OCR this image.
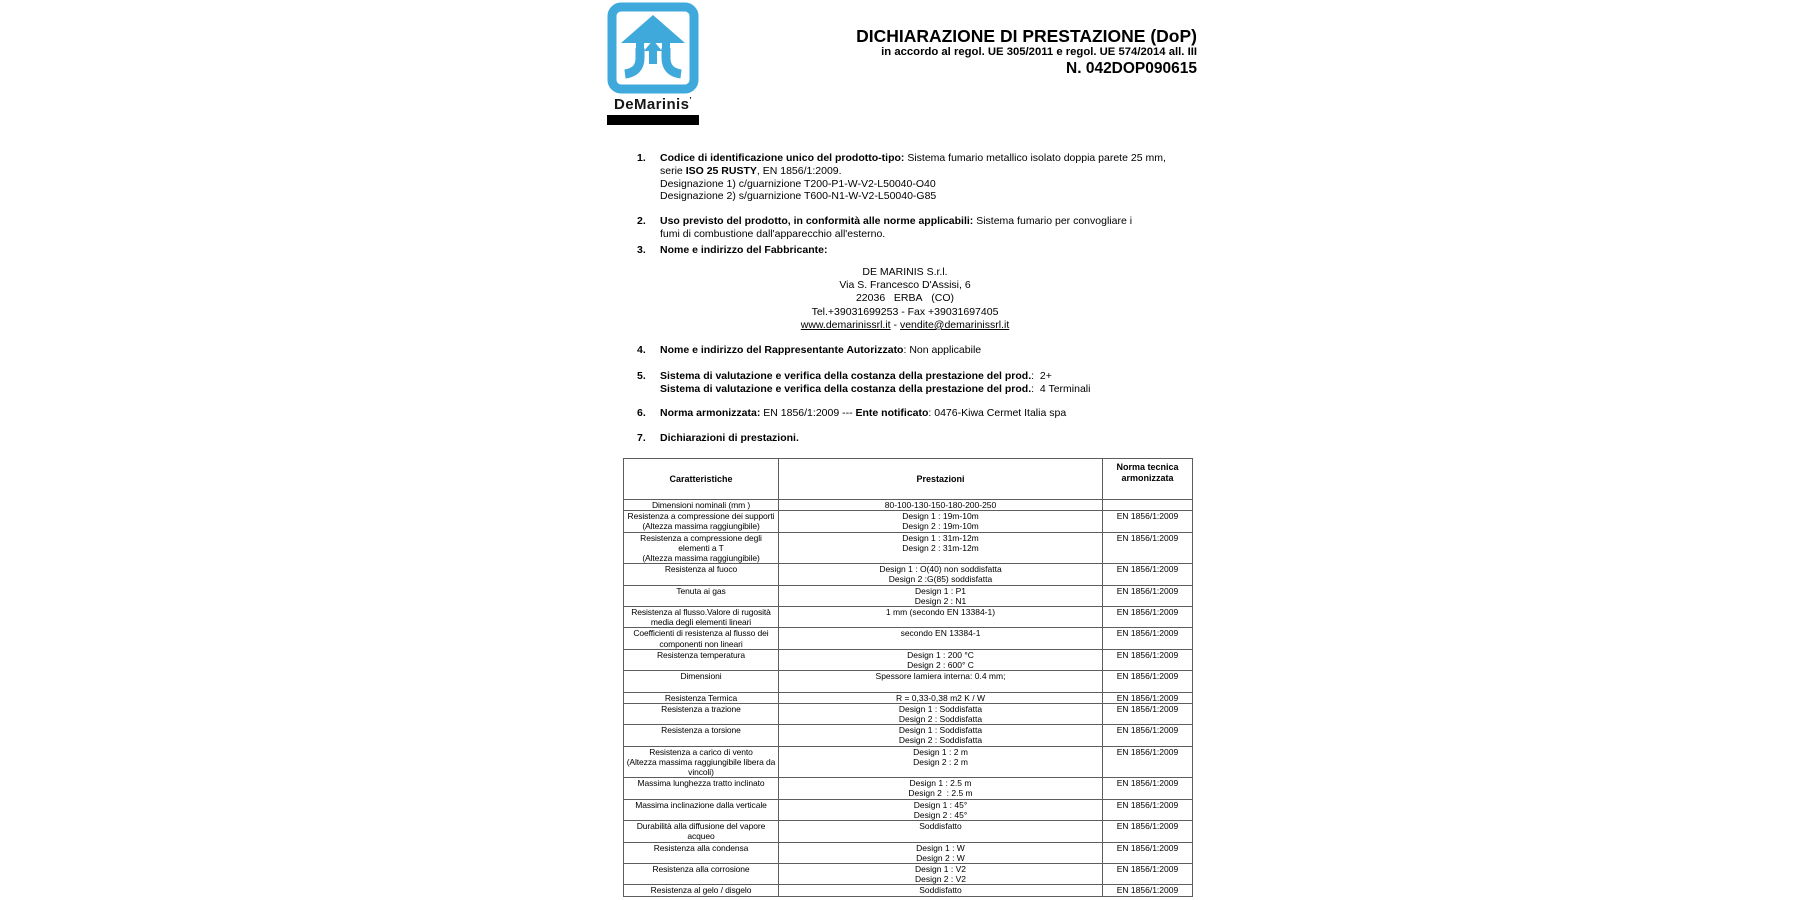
DeMarinis’
DICHIARAZIONE DI PRESTAZIONE (DoP)
in accordo al regol. UE 305/2011 e regol. UE 574/2014 all. III
N. 042DOP090615
1. Codice di identificazione unico del prodotto-tipo: Sistema fumario metallico isolato doppia parete 25 mm,
serie ISO 25 RUSTY, EN 1856/1:2009.
Designazione 1) c/guarnizione T200-P1-W-V2-L50040-O40
Designazione 2) s/guarnizione T600-N1-W-V2-L50040-G85
2. Uso previsto del prodotto, in conformità alle norme applicabili: Sistema fumario per convogliare i
fumi di combustione dall'apparecchio all'esterno.
3. Nome e indirizzo del Fabbricante:
DE MARINIS S.r.l.
Via S. Francesco D'Assisi, 6
22036   ERBA   (CO)
Tel.+39031699253 - Fax +39031697405
www.demarinissrl.it - vendite@demarinissrl.it
4. Nome e indirizzo del Rappresentante Autorizzato: Non applicabile
5. Sistema di valutazione e verifica della costanza della prestazione del prod.:  2+
Sistema di valutazione e verifica della costanza della prestazione del prod.:  4 Terminali
6. Norma armonizzata: EN 1856/1:2009 --- Ente notificato: 0476-Kiwa Cermet Italia spa
7. Dichiarazioni di prestazioni.
Caratteristiche	Prestazioni	Norma tecnica armonizzata
Dimensioni nominali (mm )	80-100-130-150-180-200-250	
Resistenza a compressione dei supporti
(Altezza massima raggiungibile)	Design 1 : 19m-10m
Design 2 : 19m-10m	EN 1856/1:2009
Resistenza a compressione degli
elementi a T
(Altezza massima raggiungibile)	Design 1 : 31m-12m
Design 2 : 31m-12m	EN 1856/1:2009
Resistenza al fuoco	Design 1 : O(40) non soddisfatta
Design 2 :G(85) soddisfatta	EN 1856/1:2009
Tenuta ai gas	Design 1 : P1
Design 2 : N1	EN 1856/1:2009
Resistenza al flusso.Valore di rugosità
media degli elementi lineari	1 mm (secondo EN 13384-1)	EN 1856/1:2009
Coefficienti di resistenza al flusso dei
componenti non lineari	secondo EN 13384-1	EN 1856/1:2009
Resistenza temperatura	Design 1 : 200 °C
Design 2 : 600° C	EN 1856/1:2009
Dimensioni	Spessore lamiera interna: 0.4 mm;	EN 1856/1:2009
Resistenza Termica	R = 0,33-0,38 m2 K / W	EN 1856/1:2009
Resistenza a trazione	Design 1 : Soddisfatta
Design 2 : Soddisfatta	EN 1856/1:2009
Resistenza a torsione	Design 1 : Soddisfatta
Design 2 : Soddisfatta	EN 1856/1:2009
Resistenza a carico di vento
(Altezza massima raggiungibile libera da
vincoli)	Design 1 : 2 m
Design 2 : 2 m	EN 1856/1:2009
Massima lunghezza tratto inclinato	Design 1 : 2.5 m
Design 2  : 2.5 m	EN 1856/1:2009
Massima inclinazione dalla verticale	Design 1 : 45°
Design 2 : 45°	EN 1856/1:2009
Durabilità alla diffusione del vapore
acqueo	Soddisfatto	EN 1856/1:2009
Resistenza alla condensa	Design 1 : W
Design 2 : W	EN 1856/1:2009
Resistenza alla corrosione	Design 1 : V2
Design 2 : V2	EN 1856/1:2009
Resistenza al gelo / disgelo	Soddisfatto	EN 1856/1:2009
